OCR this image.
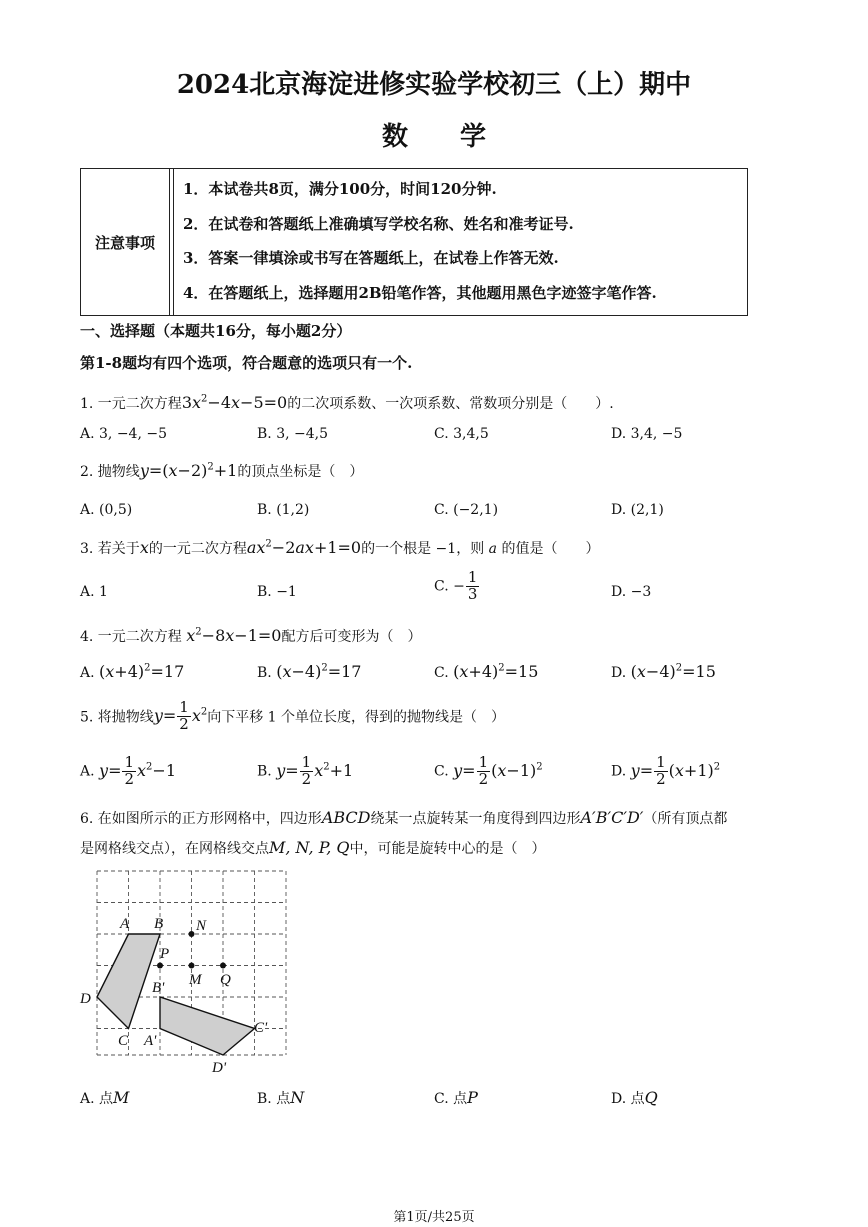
2024北京海淀进修实验学校初三（上）期中
数 学
注意事项
1．本试卷共8页，满分100分，时间120分钟.
2．在试卷和答题纸上准确填写学校名称、姓名和准考证号.
3．答案一律填涂或书写在答题纸上，在试卷上作答无效.
4．在答题纸上，选择题用2B铅笔作答，其他题用黑色字迹签字笔作答.
一、选择题（本题共16分，每小题2分）
第1-8题均有四个选项，符合题意的选项只有一个.
1. 一元二次方程$3x^2-4x-5=0$的二次项系数、一次项系数、常数项分别是（　　）.
A. 3, −4, −5	B. 3, −4,5	C. 3,4,5	D. 3,4, −5
2. 抛物线$y=(x-2)^2+1$的顶点坐标是（　）
A. (0,5)	B. (1,2)	C. (−2,1)	D. (2,1)
3. 若关于x的一元二次方程$ax^2-2ax+1=0$的一个根是 −1，则 a 的值是（　　）
A. 1	B. −1	C. − $\frac{1}{3}$	D. −3
4. 一元二次方程 $x^2-8x-1=0$配方后可变形为（　）
A. $(x+4)^2=17$	B. $(x-4)^2=17$	C. $(x+4)^2=15$	D. $(x-4)^2=15$
5. 将抛物线$y= \frac{1}{2} x^2$向下平移 1 个单位长度，得到的抛物线是（　）
A. $y= \frac{1}{2} x^2-1$	B. $y= \frac{1}{2} x^2+1$	C. $y= \frac{1}{2} (x-1)^2$	D. $y= \frac{1}{2} (x+1)^2$
6. 在如图所示的正方形网格中，四边形ABCD绕某一点旋转某一角度得到四边形A′B′C′D′（所有顶点都
是网格线交点），在网格线交点M, N, P, Q中，可能是旋转中心的是（　）
A B N
P
M Q
D
B'
C A'
C'
D'
A. 点M	B. 点N	C. 点P	D. 点Q
第1页/共25页
